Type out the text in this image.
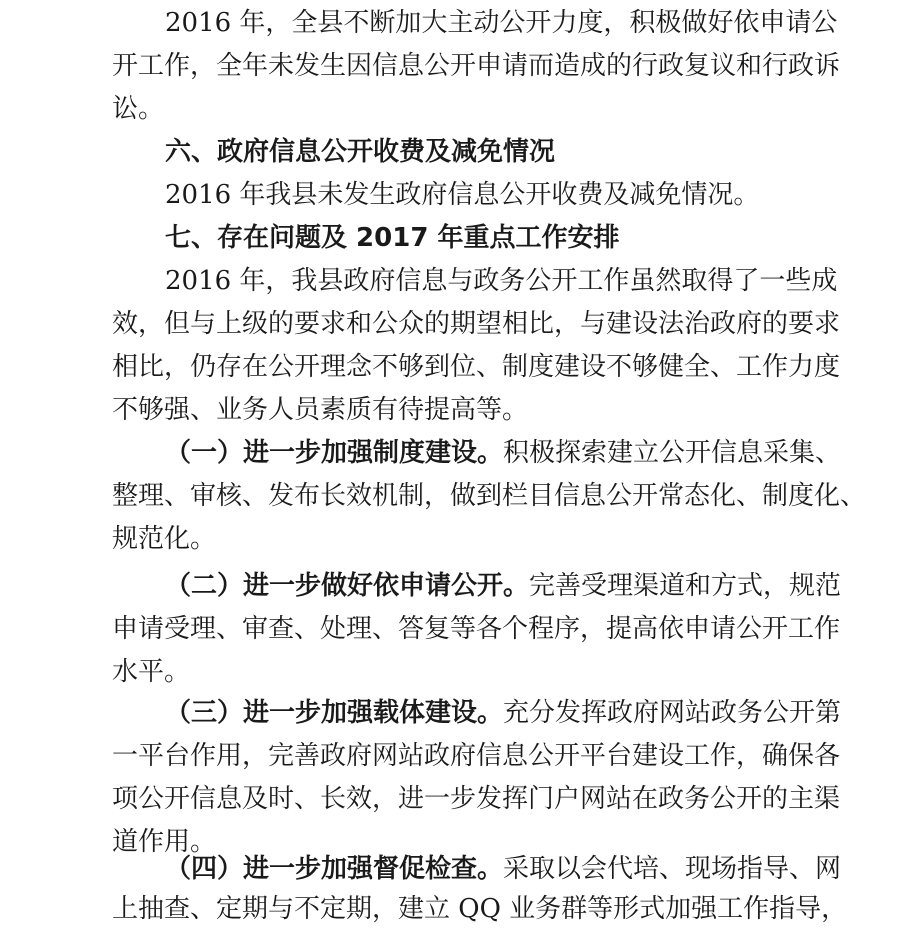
2016 年，全县不断加大主动公开力度，积极做好依申请公

开工作，全年未发生因信息公开申请而造成的行政复议和行政诉

讼。

六、政府信息公开收费及减免情况

2016 年我县未发生政府信息公开收费及减免情况。

七、存在问题及 2017 年重点工作安排

2016 年，我县政府信息与政务公开工作虽然取得了一些成

效，但与上级的要求和公众的期望相比，与建设法治政府的要求

相比，仍存在公开理念不够到位、制度建设不够健全、工作力度

不够强、业务人员素质有待提高等。

（一）进一步加强制度建设。积极探索建立公开信息采集、

整理、审核、发布长效机制，做到栏目信息公开常态化、制度化、

规范化。

（二）进一步做好依申请公开。完善受理渠道和方式，规范

申请受理、审查、处理、答复等各个程序，提高依申请公开工作

水平。

（三）进一步加强载体建设。充分发挥政府网站政务公开第

一平台作用，完善政府网站政府信息公开平台建设工作，确保各

项公开信息及时、长效，进一步发挥门户网站在政务公开的主渠

道作用。

（四）进一步加强督促检查。采取以会代培、现场指导、网

上抽查、定期与不定期，建立 QQ 业务群等形式加强工作指导，
